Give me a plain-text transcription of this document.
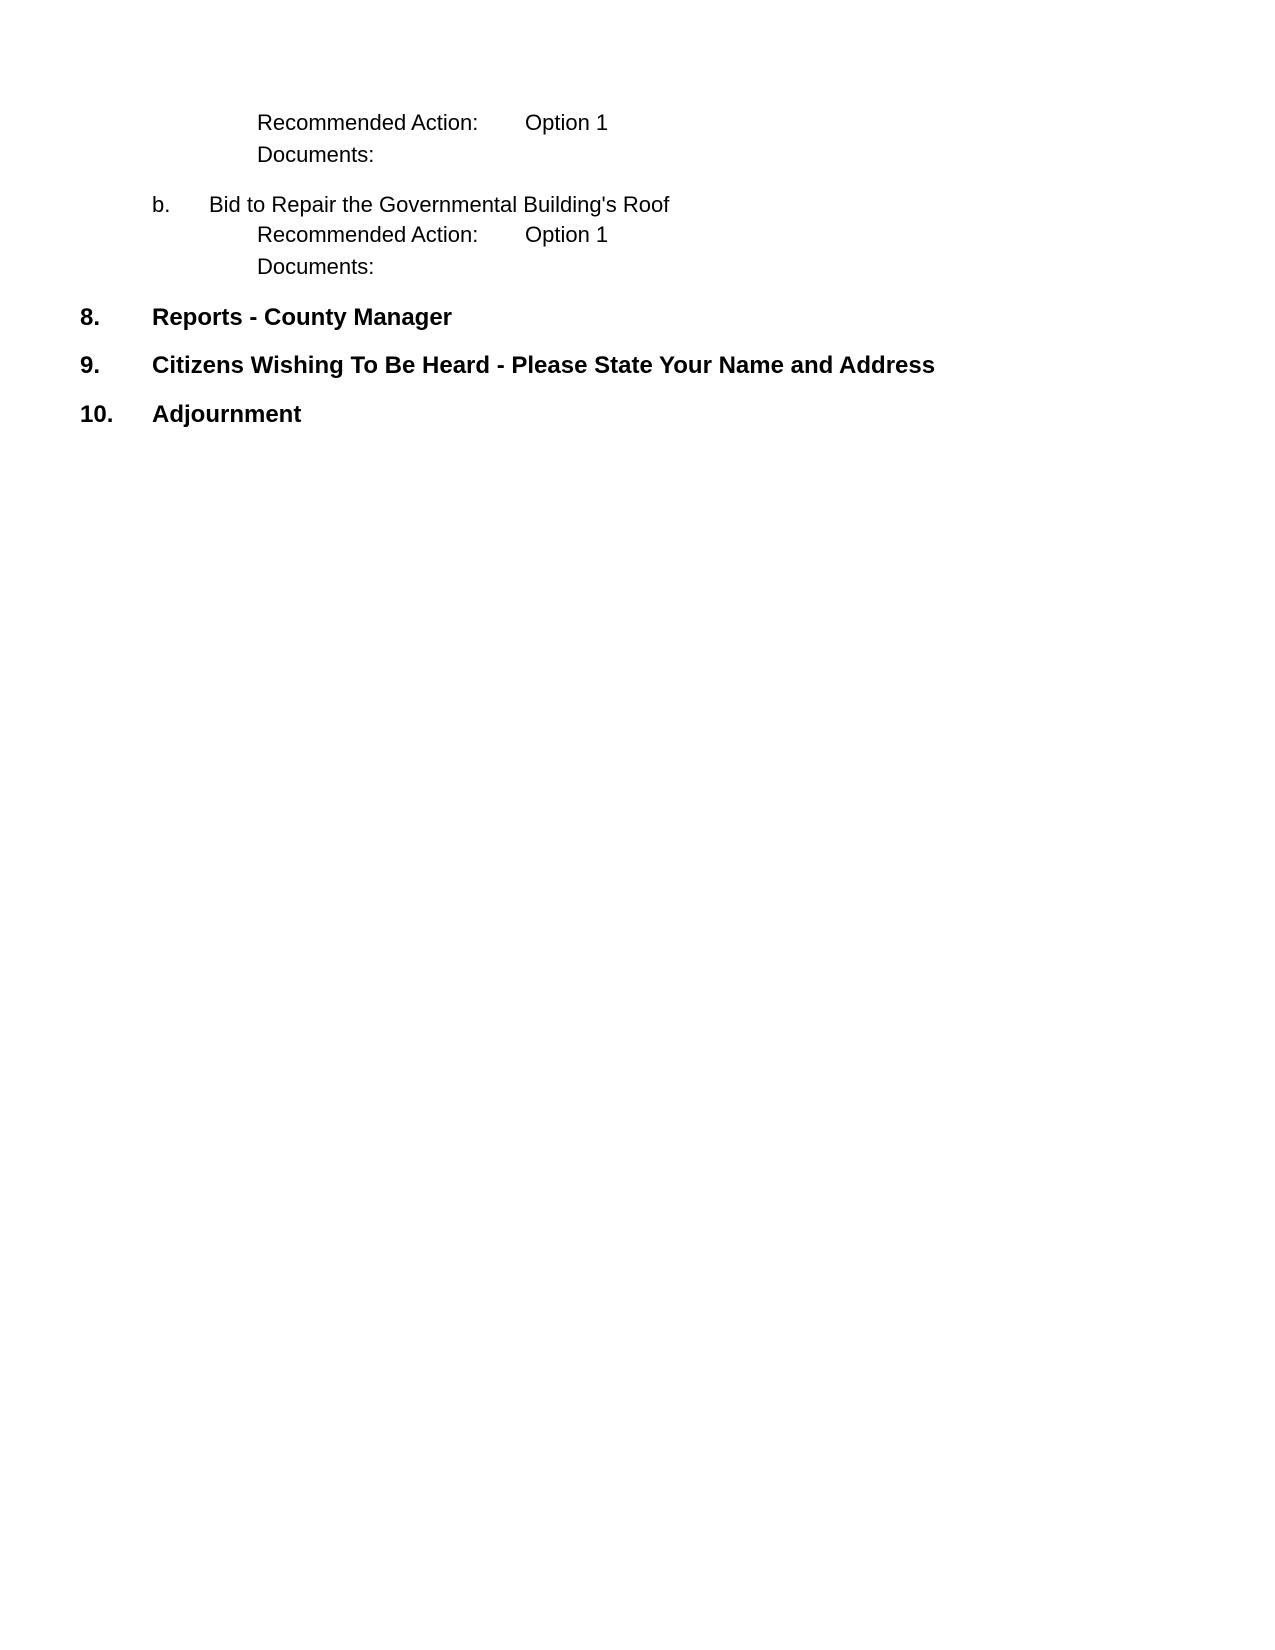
Recommended Action: Option 1
Documents:
b. Bid to Repair the Governmental Building's Roof
Recommended Action: Option 1
Documents:
8. Reports - County Manager
9. Citizens Wishing To Be Heard - Please State Your Name and Address
10. Adjournment
